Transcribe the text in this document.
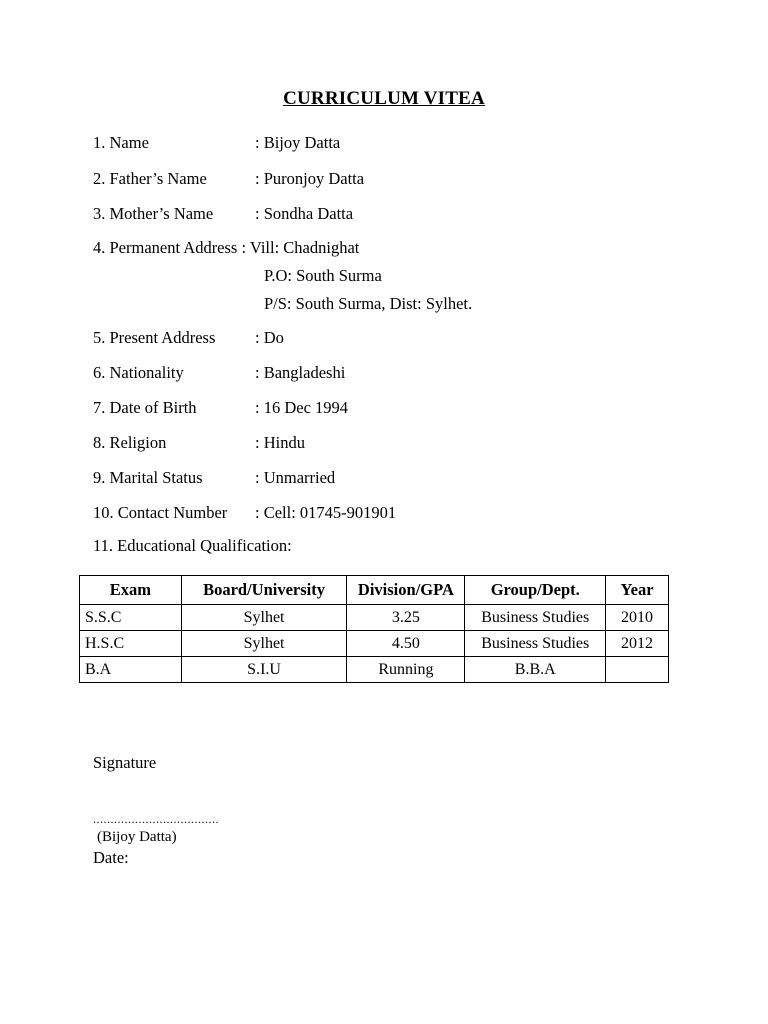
CURRICULUM VITEA
1. Name	: Bijoy Datta
2. Father’s Name	: Puronjoy Datta
3. Mother’s Name	: Sondha Datta
4. Permanent Address : Vill: Chadnighat
P.O: South Surma
P/S: South Surma, Dist: Sylhet.
5. Present Address : Do
6. Nationality	: Bangladeshi
7. Date of Birth	: 16 Dec 1994
8. Religion	: Hindu
9. Marital Status	: Unmarried
10. Contact Number : Cell: 01745-901901
11. Educational Qualification:
Exam	Board/University	Division/GPA	Group/Dept.	Year
S.S.C	Sylhet	3.25	Business Studies	2010
H.S.C	Sylhet	4.50	Business Studies	2012
B.A	S.I.U	Running	B.B.A	
Signature
....................................
(Bijoy Datta)
Date:
